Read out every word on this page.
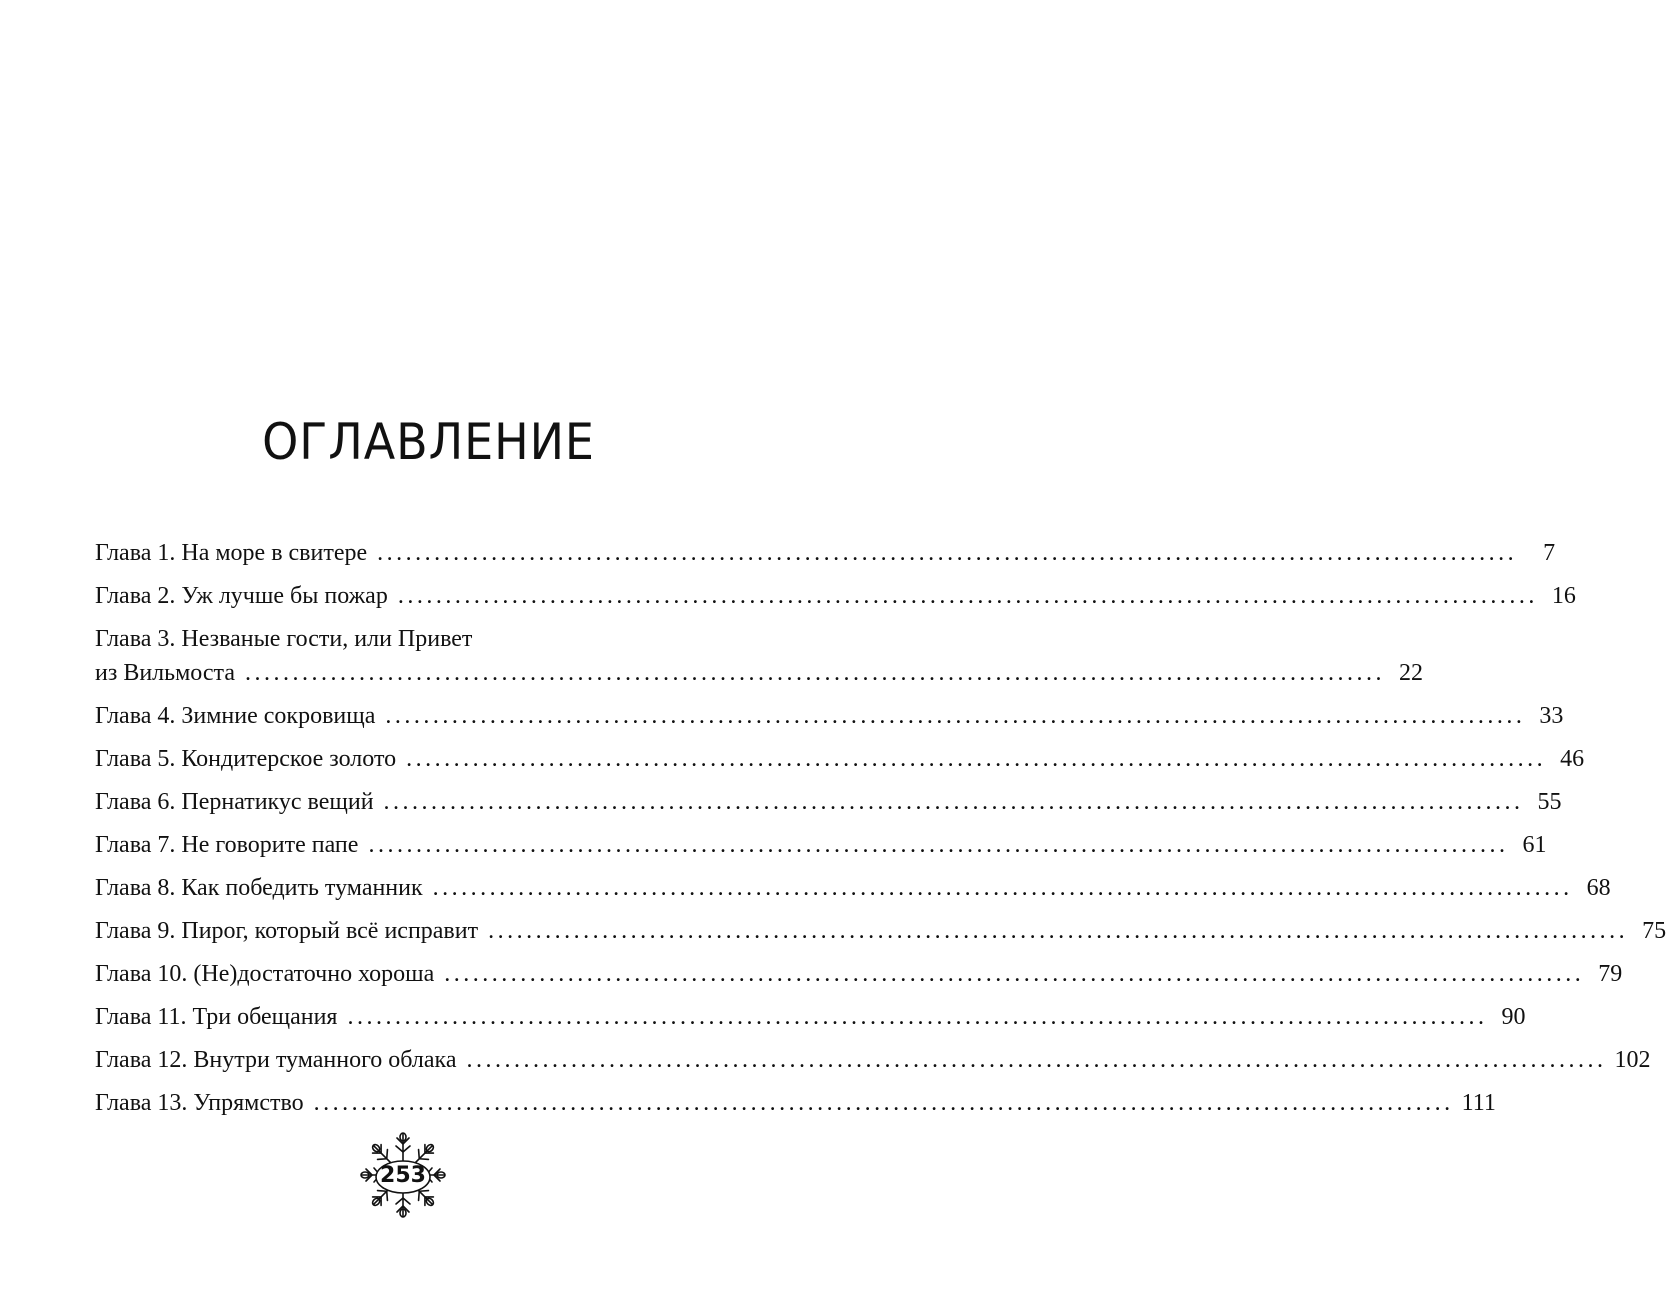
ОГЛАВЛЕНИЕ
Глава 1. На море в свитере ........................................................................................................................	7
Глава 2. Уж лучше бы пожар ........................................................................................................................ 16
Глава 3. Незваные гости, или Привет
из Вильмоста ........................................................................................................................ 22
Глава 4. Зимние сокровища ........................................................................................................................ 33
Глава 5. Кондитерское золото ........................................................................................................................ 46
Глава 6. Пернатикус вещий ........................................................................................................................ 55
Глава 7. Не говорите папе ........................................................................................................................ 61
Глава 8. Как победить туманник ........................................................................................................................ 68
Глава 9. Пирог, который всё исправит ........................................................................................................................ 75
Глава 10. (Не)достаточно хороша ........................................................................................................................ 79
Глава 11. Три обещания ........................................................................................................................ 90
Глава 12. Внутри туманного облака ........................................................................................................................ 102
Глава 13. Упрямство ........................................................................................................................ 111
253
